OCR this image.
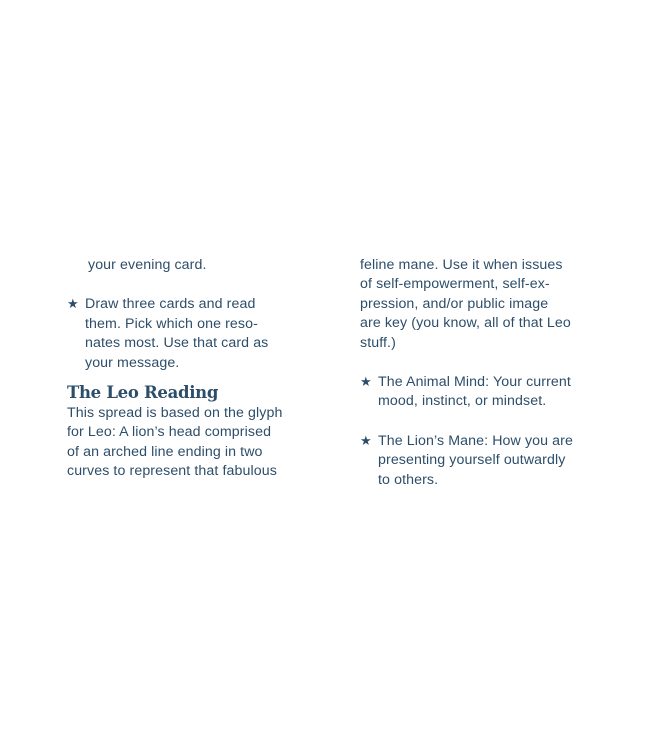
your evening card.
★ Draw three cards and read
them. Pick which one reso-
nates most. Use that card as
your message.
The Leo Reading
This spread is based on the glyph
for Leo: A lion’s head comprised
of an arched line ending in two
curves to represent that fabulous
feline mane. Use it when issues
of self-empowerment, self-ex-
pression, and/or public image
are key (you know, all of that Leo
stuff.)
★ The Animal Mind: Your current
mood, instinct, or mindset.
★ The Lion’s Mane: How you are
presenting yourself outwardly
to others.
